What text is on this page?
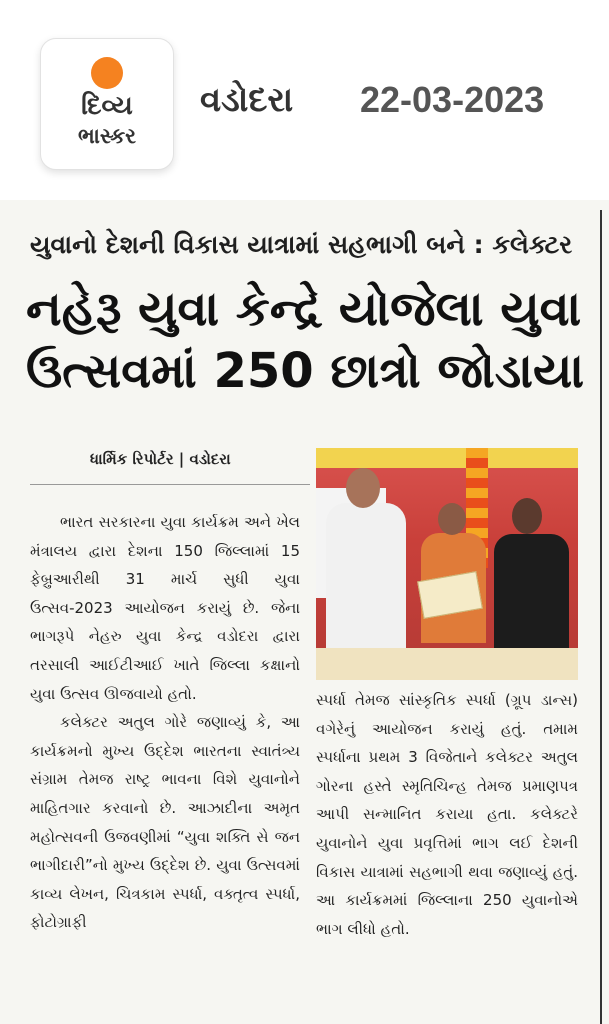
દિવ્ય
ભાસ્કર
વડોદરા 22-03-2023
યુવાનો દેશની વિકાસ યાત્રામાં સહભાગી બને : કલેક્ટર
નહેરૂ યુવા કેન્દ્રે યોજેલા યુવા ઉત્સવમાં 250 છાત્રો જોડાયા
ધાર્મિક રિપોર્ટર | વડોદરા

ભારત સરકારના યુવા કાર્યક્રમ અને ખેલ મંત્રાલય દ્વારા દેશના 150 જિલ્લામાં 15 ફેબ્રુઆરીથી 31 માર્ચ સુધી યુવા ઉત્સવ-2023 આયોજન કરાયું છે. જેના ભાગરૂપે નેહરુ યુવા કેન્દ્ર વડોદરા દ્વારા તરસાલી આઈટીઆઈ ખાતે જિલ્લા કક્ષાનો યુવા ઉત્સવ ઊજવાયો હતો.

કલેક્ટર અતુલ ગોરે જણાવ્યું કે, આ કાર્યક્રમનો મુખ્ય ઉદ્દેશ ભારતના સ્વાતંત્ર્ય સંગ્રામ તેમજ રાષ્ટ્ર ભાવના વિશે યુવાનોને માહિતગાર કરવાનો છે. આઝાદીના અમૃત મહોત્સવની ઉજવણીમાં “યુવા શક્તિ સે જન ભાગીદારી”નો મુખ્ય ઉદ્દેશ છે. યુવા ઉત્સવમાં કાવ્ય લેખન, ચિત્રકામ સ્પર્ધા, વક્તૃત્વ સ્પર્ધા, ફોટોગ્રાફી

સ્પર્ધા તેમજ સાંસ્કૃતિક સ્પર્ધા (ગ્રૂપ ડાન્સ) વગેરેનું આયોજન કરાયું હતું. તમામ સ્પર્ધાના પ્રથમ 3 વિજેતાને કલેક્ટર અતુલ ગોરના હસ્તે સ્મૃતિચિન્હ તેમજ પ્રમાણપત્ર આપી સન્માનિત કરાયા હતા. કલેક્ટરે યુવાનોને યુવા પ્રવૃત્તિમાં ભાગ લઈ દેશની વિકાસ યાત્રામાં સહભાગી થવા જણાવ્યું હતું. આ કાર્યક્રમમાં જિલ્લાના 250 યુવાનોએ ભાગ લીધો હતો.
